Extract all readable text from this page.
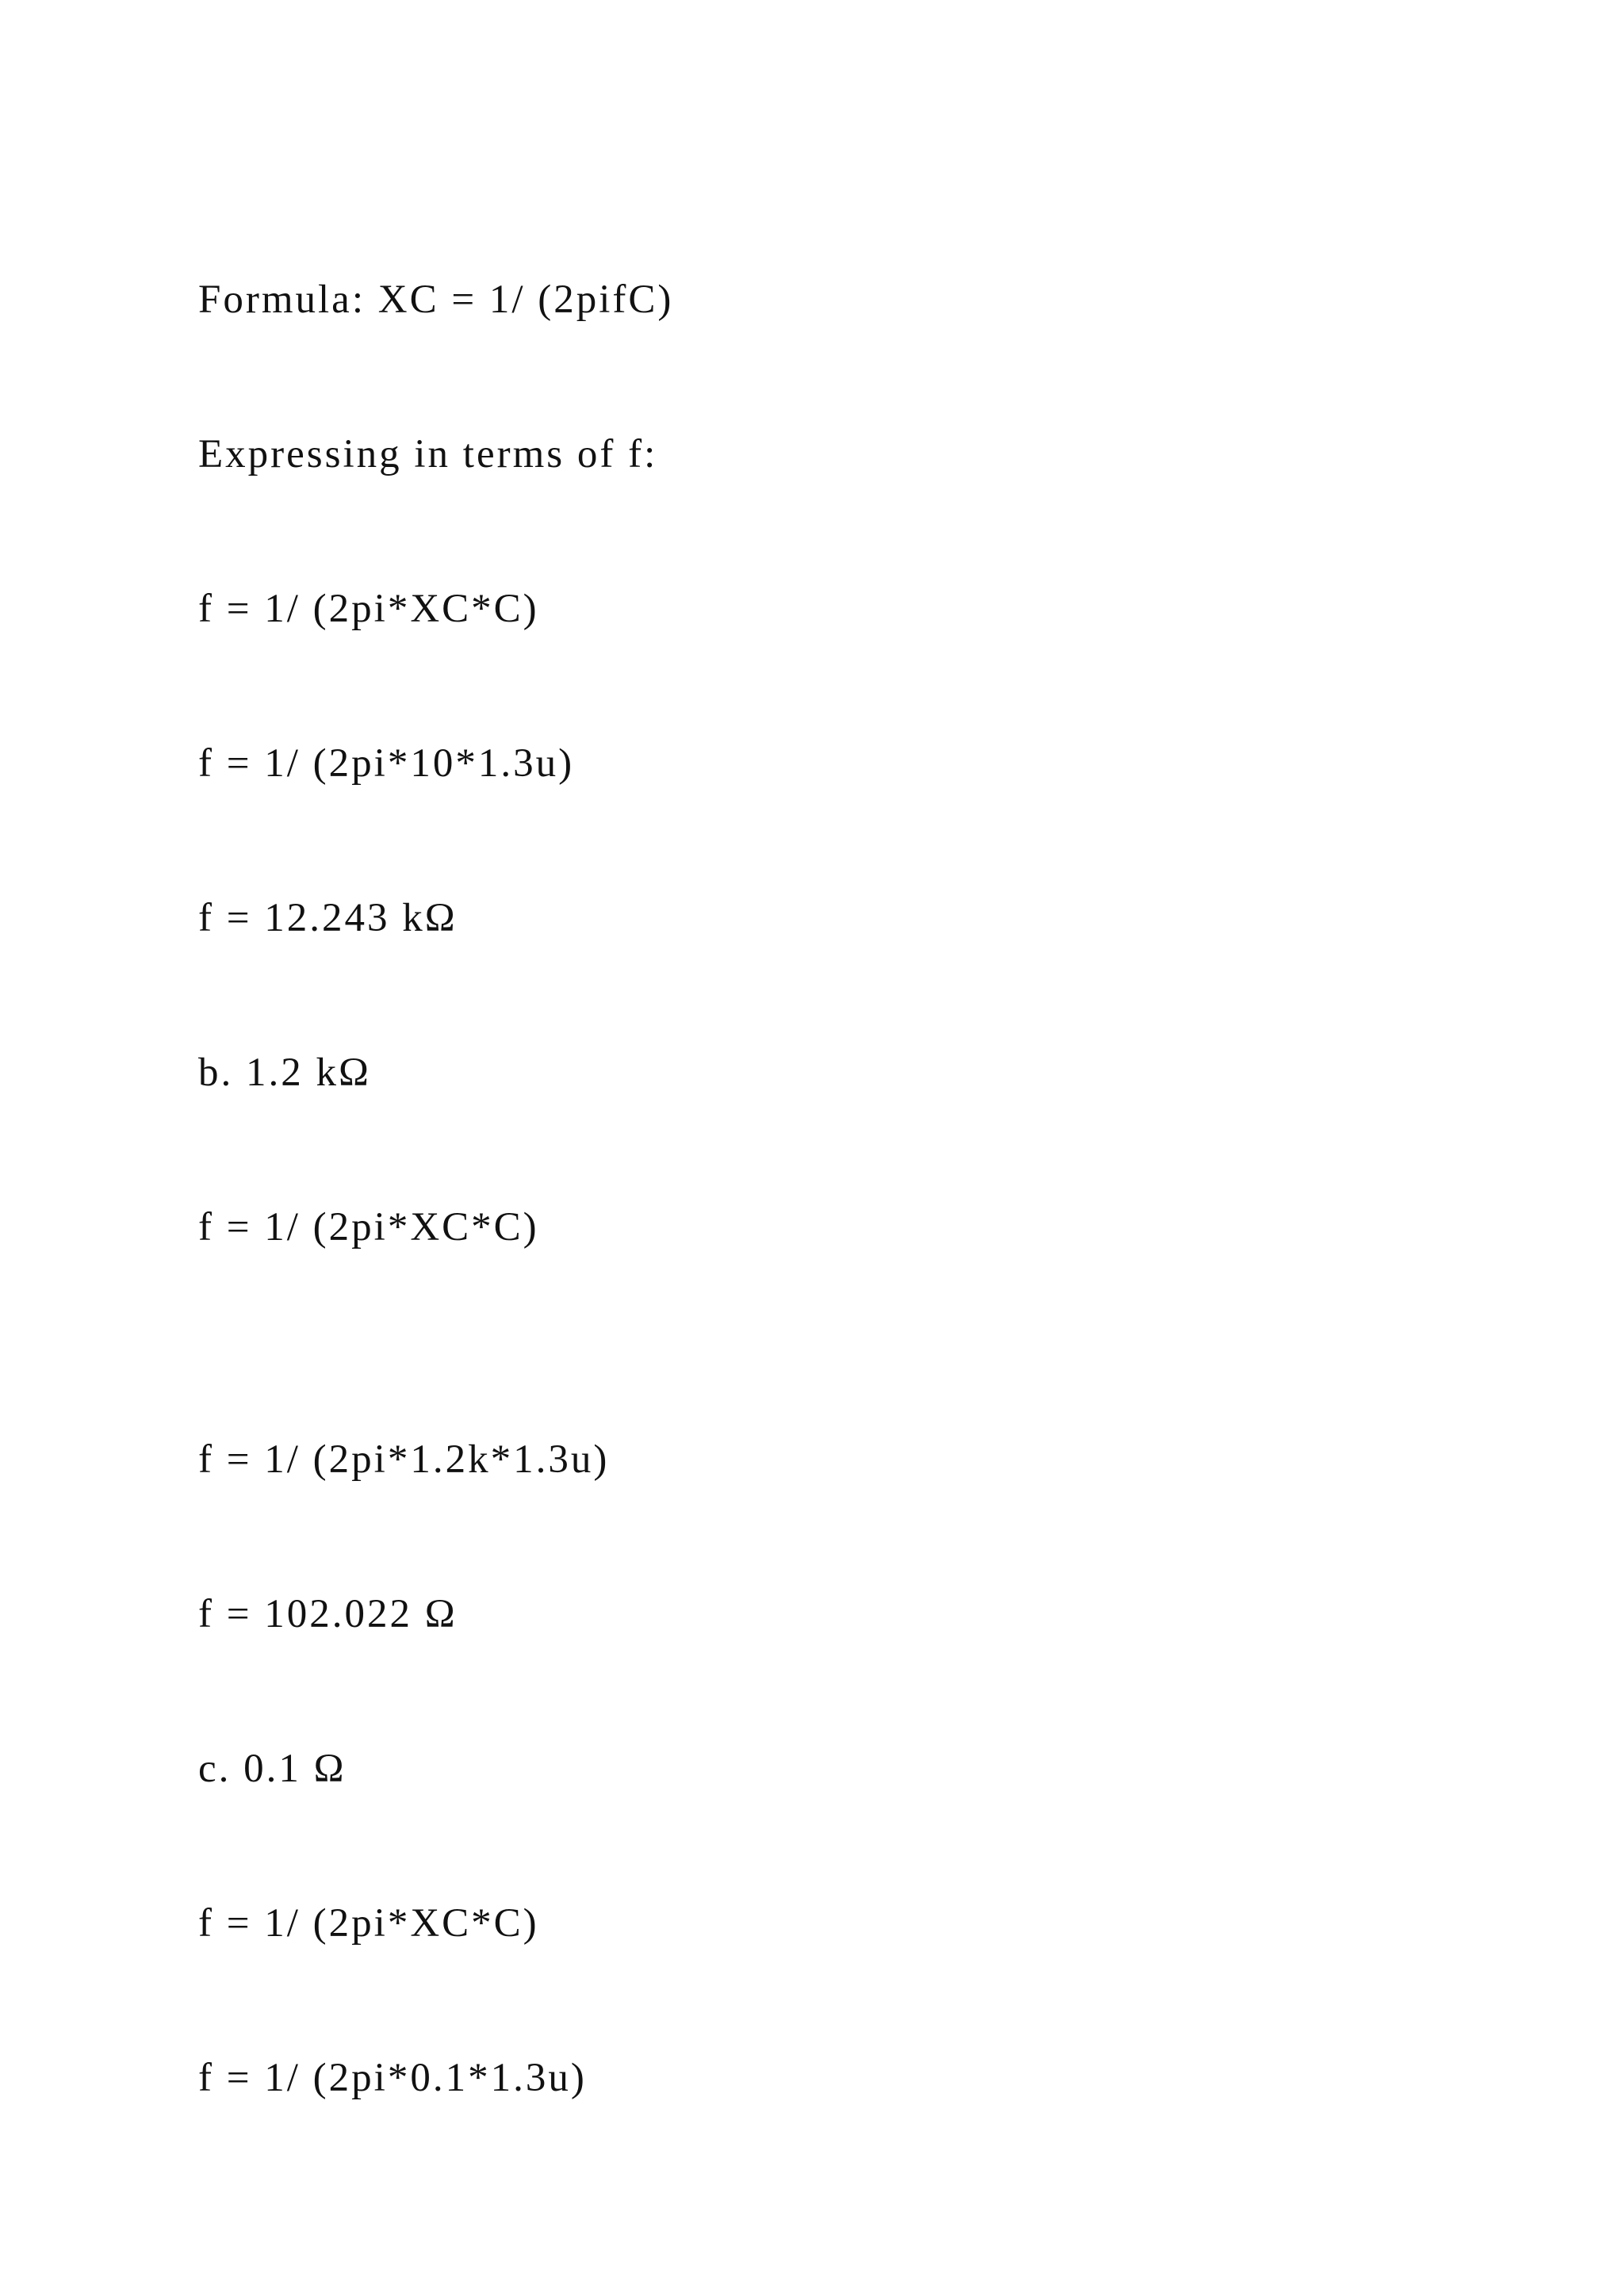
Formula: XC = 1/ (2pifC)

Expressing in terms of f:

f = 1/ (2pi*XC*C)

f = 1/ (2pi*10*1.3u)

f = 12.243 kΩ

b. 1.2 kΩ

f = 1/ (2pi*XC*C)

f = 1/ (2pi*1.2k*1.3u)

f = 102.022 Ω

c. 0.1 Ω

f = 1/ (2pi*XC*C)

f = 1/ (2pi*0.1*1.3u)
